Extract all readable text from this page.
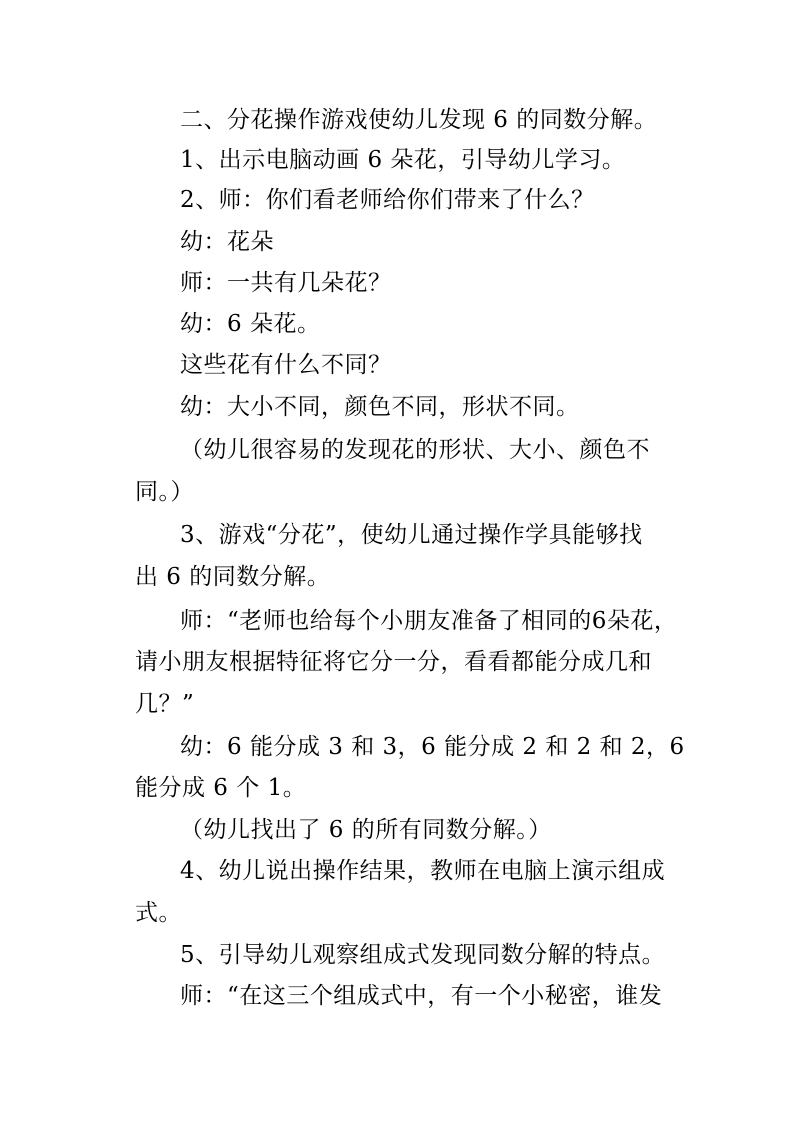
二、分花操作游戏使幼儿发现 6 的同数分解。
1、出示电脑动画 6 朵花，引导幼儿学习。
2、师：你们看老师给你们带来了什么？
幼：花朵
师：一共有几朵花？
幼：6 朵花。
这些花有什么不同？
幼：大小不同，颜色不同，形状不同。
（幼儿很容易的发现花的形状、大小、颜色不
同。）
3、游戏“分花”，使幼儿通过操作学具能够找
出 6 的同数分解。
师：“老师也给每个小朋友准备了相同的6朵花，
请小朋友根据特征将它分一分，看看都能分成几和
几？”
幼：6 能分成 3 和 3，6 能分成 2 和 2 和 2，6
能分成 6 个 1。
（幼儿找出了 6 的所有同数分解。）
4、幼儿说出操作结果，教师在电脑上演示组成
式。
5、引导幼儿观察组成式发现同数分解的特点。
师：“在这三个组成式中，有一个小秘密，谁发
